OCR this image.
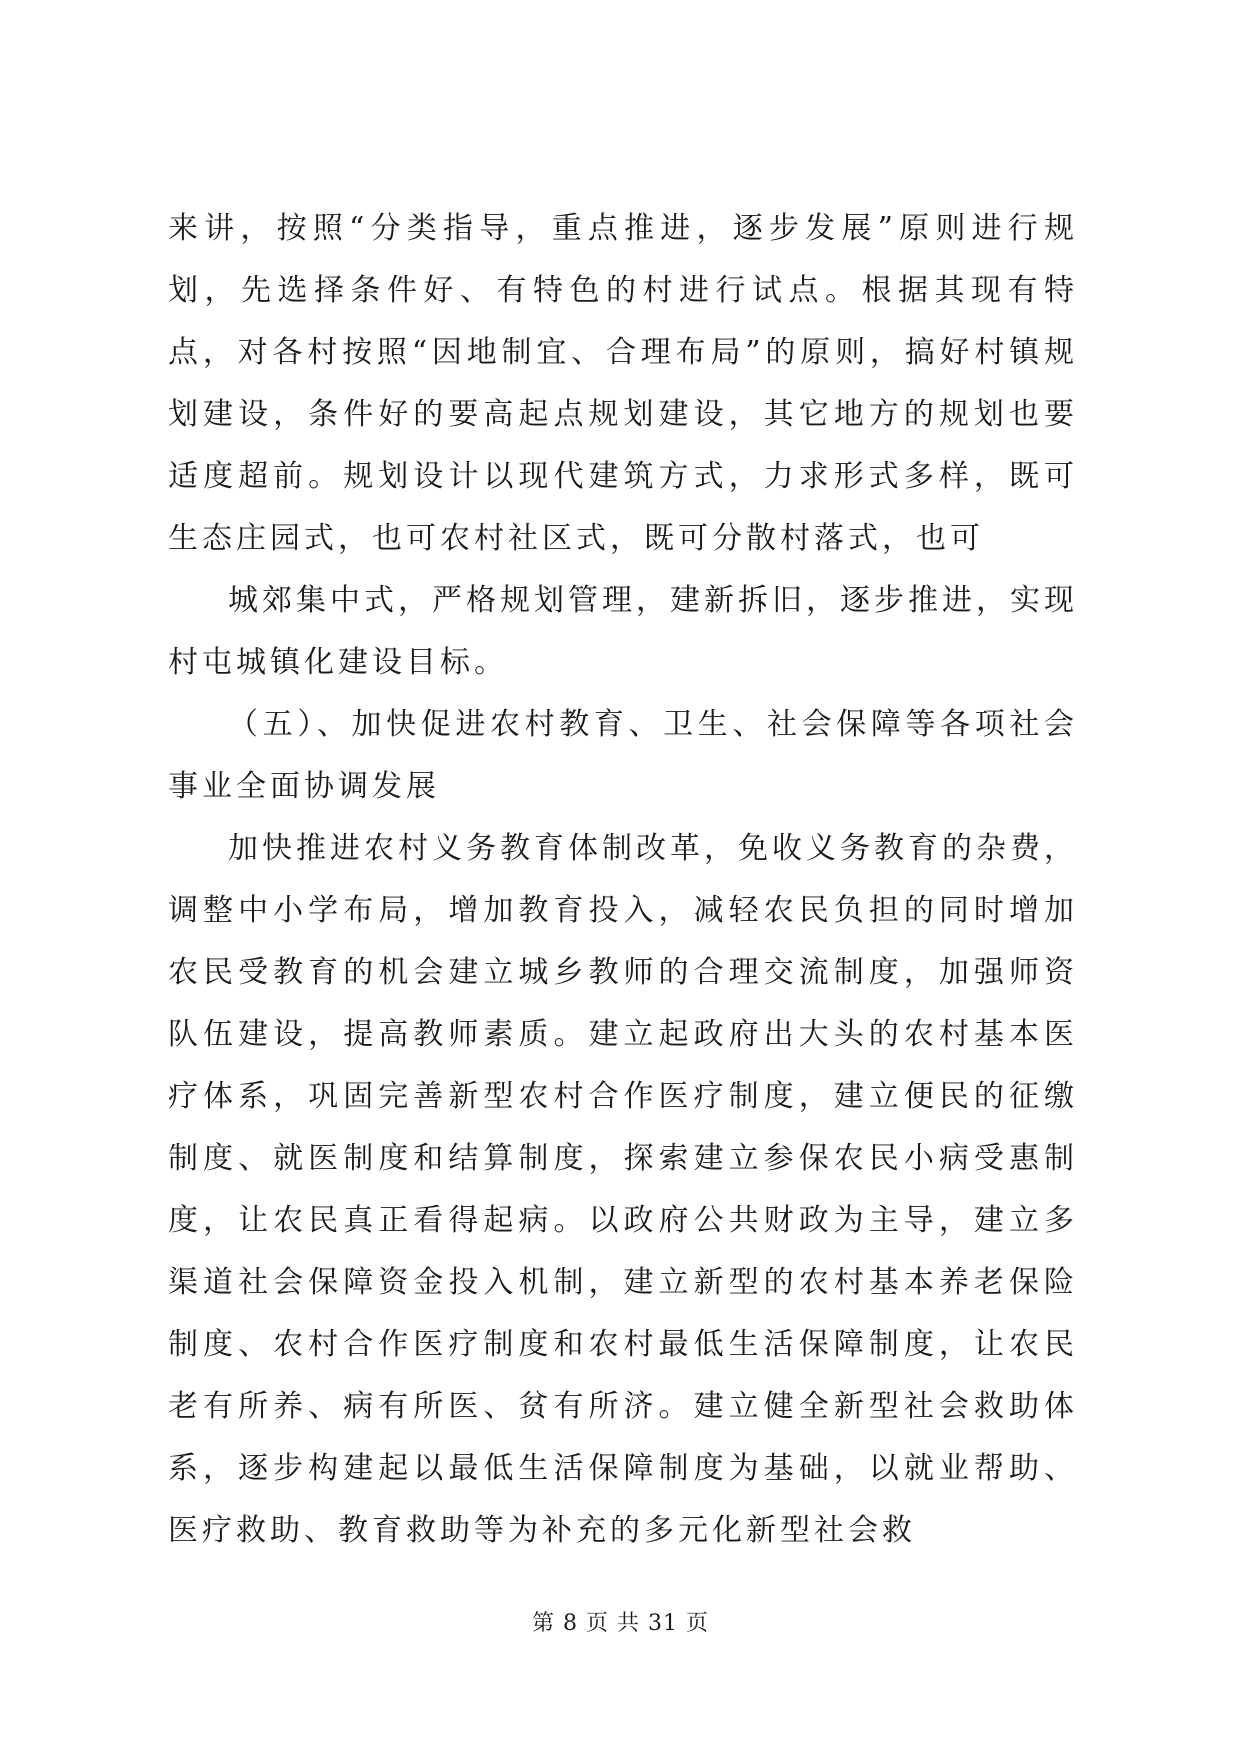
来讲，按照“分类指导，重点推进，逐步发展”原则进行规划，先选择条件好、有特色的村进行试点。根据其现有特点，对各村按照“因地制宜、合理布局”的原则，搞好村镇规划建设，条件好的要高起点规划建设，其它地方的规划也要适度超前。规划设计以现代建筑方式，力求形式多样，既可生态庄园式，也可农村社区式，既可分散村落式，也可

城郊集中式，严格规划管理，建新拆旧，逐步推进，实现村屯城镇化建设目标。

（五）、加快促进农村教育、卫生、社会保障等各项社会事业全面协调发展

加快推进农村义务教育体制改革，免收义务教育的杂费，调整中小学布局，增加教育投入，减轻农民负担的同时增加农民受教育的机会建立城乡教师的合理交流制度，加强师资队伍建设，提高教师素质。建立起政府出大头的农村基本医疗体系，巩固完善新型农村合作医疗制度，建立便民的征缴制度、就医制度和结算制度，探索建立参保农民小病受惠制度，让农民真正看得起病。以政府公共财政为主导，建立多渠道社会保障资金投入机制，建立新型的农村基本养老保险制度、农村合作医疗制度和农村最低生活保障制度，让农民老有所养、病有所医、贫有所济。建立健全新型社会救助体系，逐步构建起以最低生活保障制度为基础，以就业帮助、医疗救助、教育救助等为补充的多元化新型社会救

第 8 页 共 31 页
